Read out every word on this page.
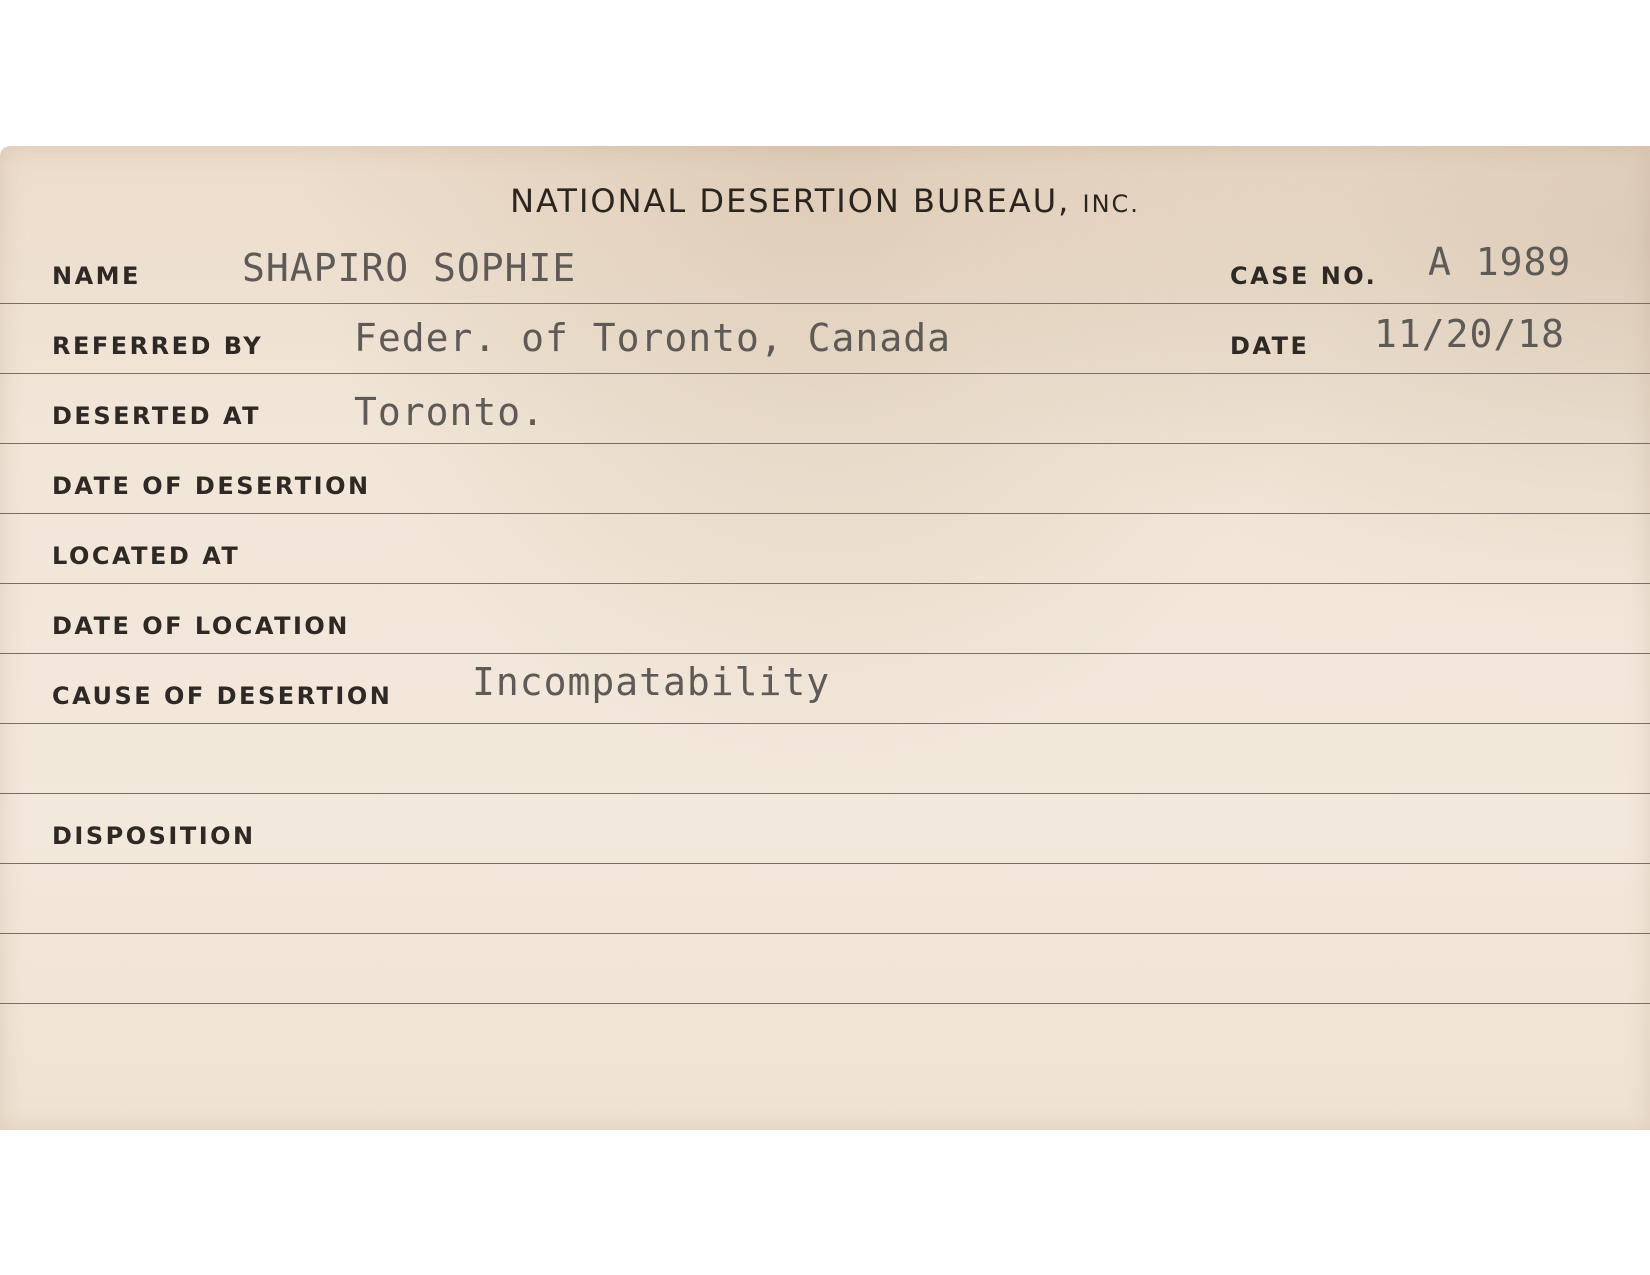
NATIONAL DESERTION BUREAU, INC.
NAME	SHAPIRO SOPHIE	CASE NO. A 1989
REFERRED BY Feder. of Toronto, Canada	DATE 11/20/18
DESERTED AT Toronto.
DATE OF DESERTION
LOCATED AT
DATE OF LOCATION
CAUSE OF DESERTION Incompatability
DISPOSITION
